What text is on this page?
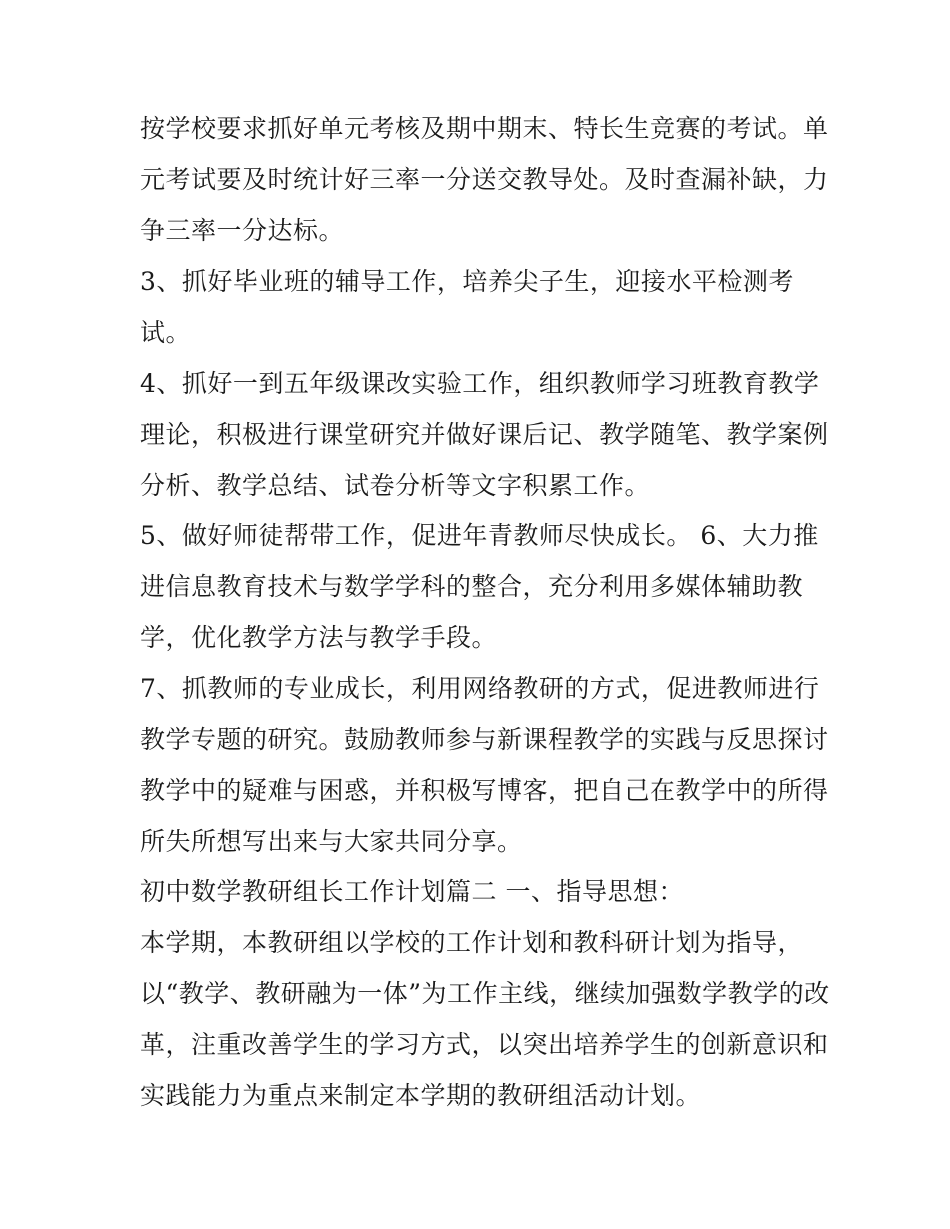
按学校要求抓好单元考核及期中期末、特长生竞赛的考试。单

元考试要及时统计好三率一分送交教导处。及时查漏补缺，力

争三率一分达标。

3、抓好毕业班的辅导工作，培养尖子生，迎接水平检测考

试。

4、抓好一到五年级课改实验工作，组织教师学习班教育教学

理论，积极进行课堂研究并做好课后记、教学随笔、教学案例

分析、教学总结、试卷分析等文字积累工作。

5、做好师徒帮带工作，促进年青教师尽快成长。 6、大力推

进信息教育技术与数学学科的整合，充分利用多媒体辅助教

学，优化教学方法与教学手段。

7、抓教师的专业成长，利用网络教研的方式，促进教师进行

教学专题的研究。鼓励教师参与新课程教学的实践与反思探讨

教学中的疑难与困惑，并积极写博客，把自己在教学中的所得

所失所想写出来与大家共同分享。

初中数学教研组长工作计划篇二 一、指导思想：

本学期，本教研组以学校的工作计划和教科研计划为指导，

以“教学、教研融为一体”为工作主线，继续加强数学教学的改

革，注重改善学生的学习方式，以突出培养学生的创新意识和

实践能力为重点来制定本学期的教研组活动计划。
